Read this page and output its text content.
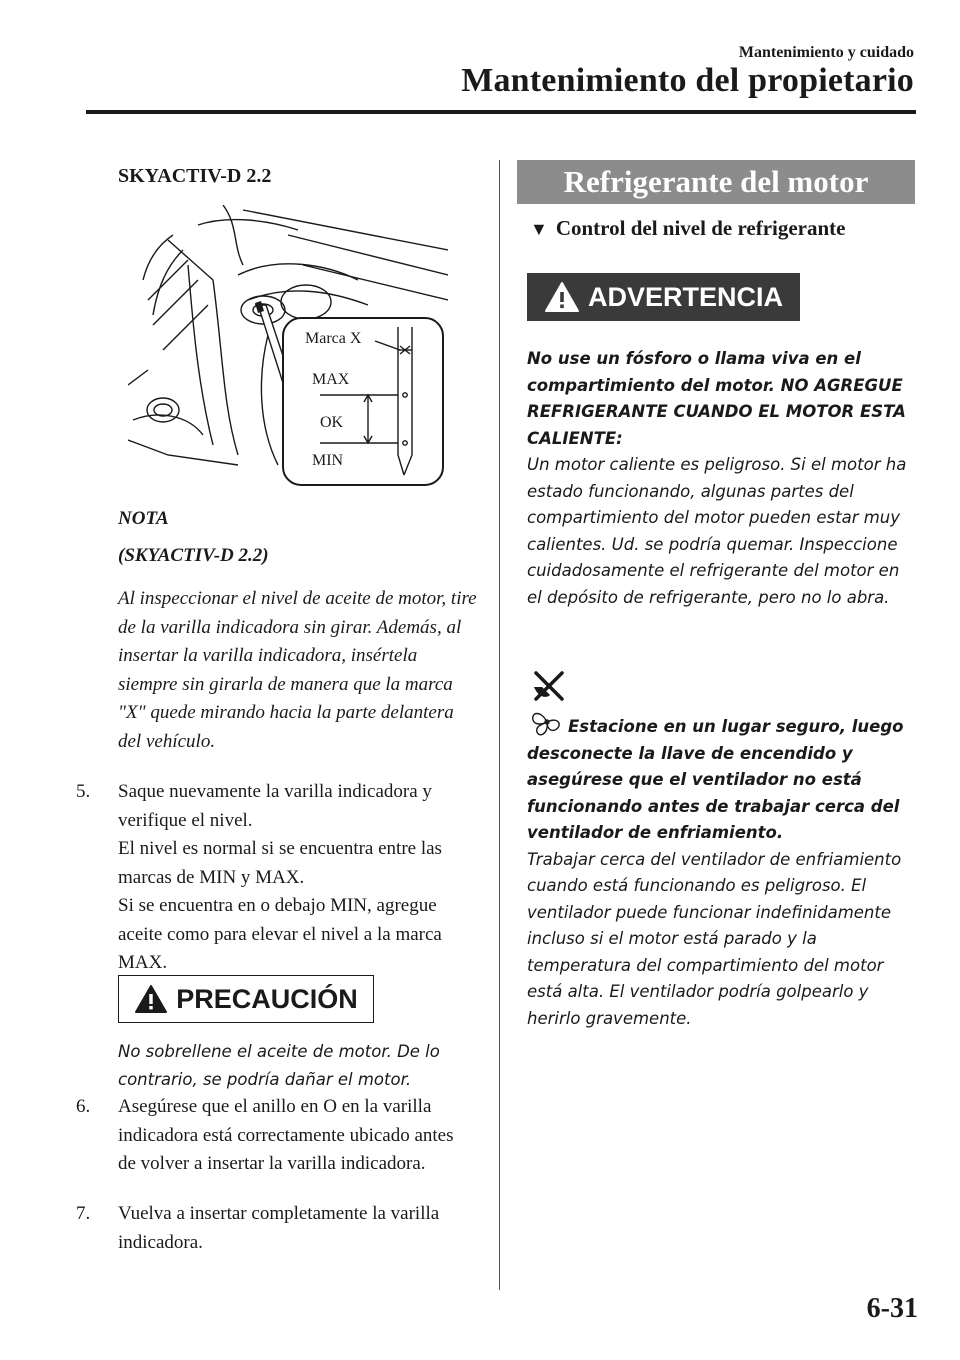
Mantenimiento y cuidado
Mantenimiento del propietario
SKYACTIV-D 2.2
Marca X
MAX
OK
MIN
NOTA
(SKYACTIV-D 2.2)
Al inspeccionar el nivel de aceite de motor, tire de la varilla indicadora sin girar. Además, al insertar la varilla indicadora, insértela siempre sin girarla de manera que la marca "X" quede mirando hacia la parte delantera del vehículo.
5. Saque nuevamente la varilla indicadora y verifique el nivel.
El nivel es normal si se encuentra entre las marcas de MIN y MAX.
Si se encuentra en o debajo MIN, agregue aceite como para elevar el nivel a la marca MAX.
PRECAUCIÓN
No sobrellene el aceite de motor. De lo contrario, se podría dañar el motor.
6. Asegúrese que el anillo en O en la varilla indicadora está correctamente ubicado antes de volver a insertar la varilla indicadora.
7. Vuelva a insertar completamente la varilla indicadora.
Refrigerante del motor
▼ Control del nivel de refrigerante
ADVERTENCIA
No use un fósforo o llama viva en el compartimiento del motor. NO AGREGUE REFRIGERANTE CUANDO EL MOTOR ESTA CALIENTE:
Un motor caliente es peligroso. Si el motor ha estado funcionando, algunas partes del compartimiento del motor pueden estar muy calientes. Ud. se podría quemar. Inspeccione cuidadosamente el refrigerante del motor en el depósito de refrigerante, pero no lo abra.
Estacione en un lugar seguro, luego desconecte la llave de encendido y asegúrese que el ventilador no está funcionando antes de trabajar cerca del ventilador de enfriamiento.
Trabajar cerca del ventilador de enfriamiento cuando está funcionando es peligroso. El ventilador puede funcionar indefinidamente incluso si el motor está parado y la temperatura del compartimiento del motor está alta. El ventilador podría golpearlo y herirlo gravemente.
6-31
